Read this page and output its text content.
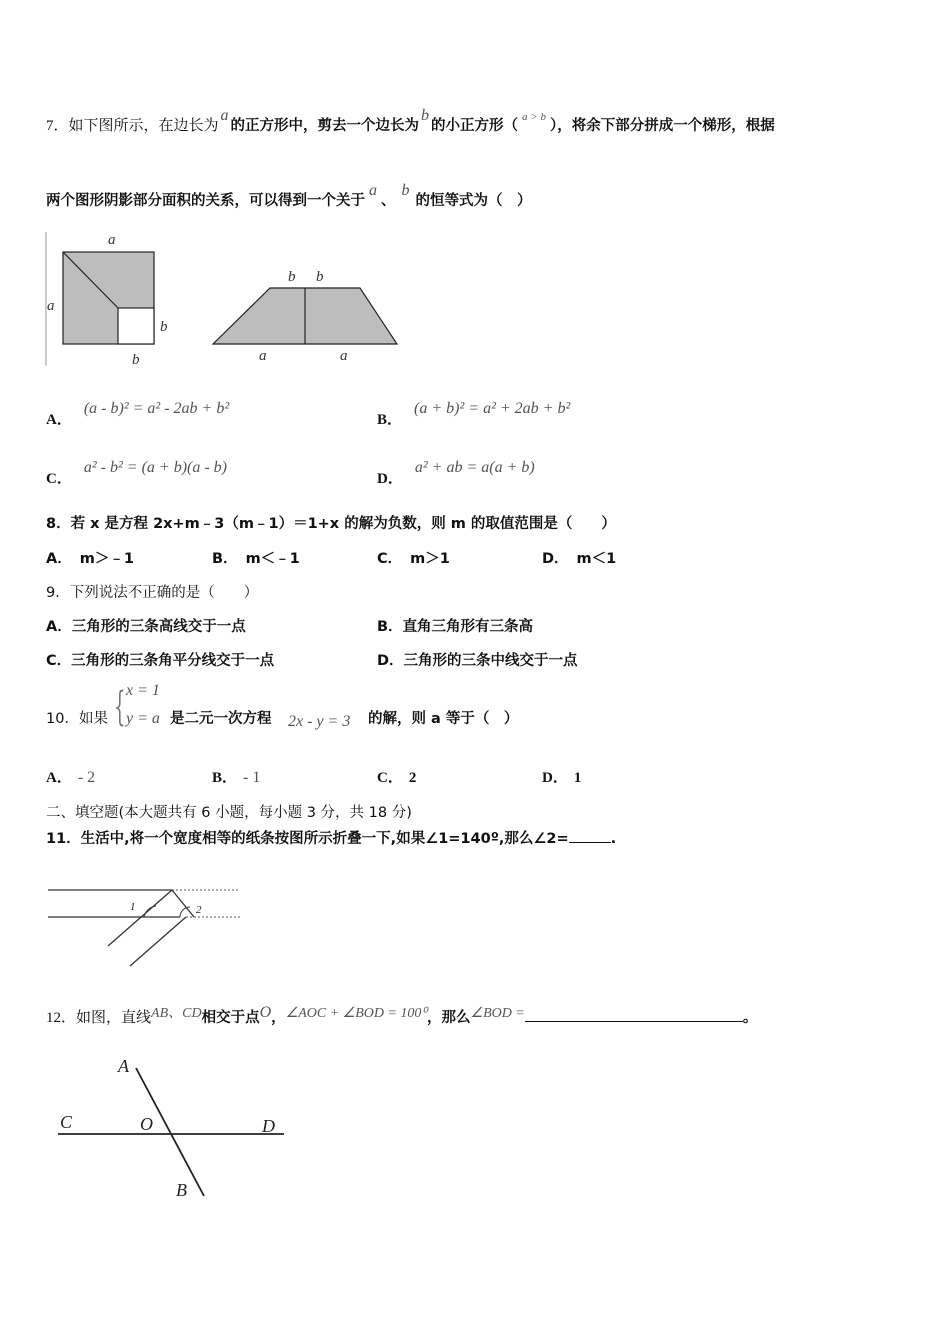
7．如下图所示，在边长为a的正方形中，剪去一个边长为b的小正方形（$^{a > b}$），将余下部分拼成一个梯形，根据
两个图形阴影部分面积的关系，可以得到一个关于a、b的恒等式为（　）
a
a
b
b
b b
a	a
A．(a - b)² = a² - 2ab + b²
B．(a + b)² = a² + 2ab + b²
C．a² - b² = (a + b)(a - b)
D．a² + ab = a(a + b)
8．若 x 是方程 2x+m﹣3（m﹣1）＝1+x 的解为负数，则 m 的取值范围是（　　）
A． m＞﹣1	B． m＜﹣1	C． m＞1	D． m＜1
9．下列说法不正确的是（　　）
A．三角形的三条高线交于一点	B．直角三角形有三条高
C．三角形的三条角平分线交于一点	D．三角形的三条中线交于一点
10．如果 { x = 1
y = a 是二元一次方程 2x - y = 3 的解，则 a 等于（　）
A． - 2	B． - 1	C． 2	D． 1
二、填空题(本大题共有 6 小题，每小题 3 分，共 18 分)
11．生活中,将一个宽度相等的纸条按图所示折叠一下,如果∠1=140º,那么∠2=	.
1	2
12．如图，直线AB、CD相交于点O，∠AOC + ∠BOD = 100⁰，那么∠BOD =	。
A
B
C	D
O
